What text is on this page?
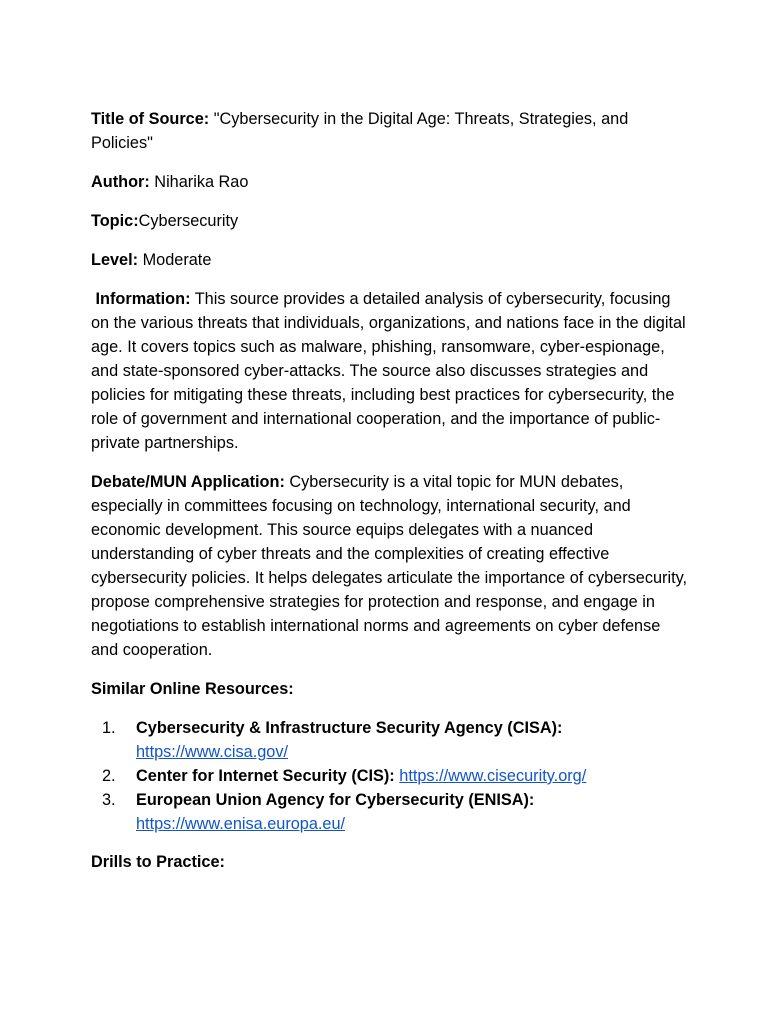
Title of Source: "Cybersecurity in the Digital Age: Threats, Strategies, and Policies"

Author: Niharika Rao

Topic:Cybersecurity

Level: Moderate

Information: This source provides a detailed analysis of cybersecurity, focusing on the various threats that individuals, organizations, and nations face in the digital age. It covers topics such as malware, phishing, ransomware, cyber-espionage, and state-sponsored cyber-attacks. The source also discusses strategies and policies for mitigating these threats, including best practices for cybersecurity, the role of government and international cooperation, and the importance of public-private partnerships.

Debate/MUN Application: Cybersecurity is a vital topic for MUN debates, especially in committees focusing on technology, international security, and economic development. This source equips delegates with a nuanced understanding of cyber threats and the complexities of creating effective cybersecurity policies. It helps delegates articulate the importance of cybersecurity, propose comprehensive strategies for protection and response, and engage in negotiations to establish international norms and agreements on cyber defense and cooperation.

Similar Online Resources:

1.	Cybersecurity & Infrastructure Security Agency (CISA): https://www.cisa.gov/
2.	Center for Internet Security (CIS): https://www.cisecurity.org/
3.	European Union Agency for Cybersecurity (ENISA): https://www.enisa.europa.eu/

Drills to Practice:
